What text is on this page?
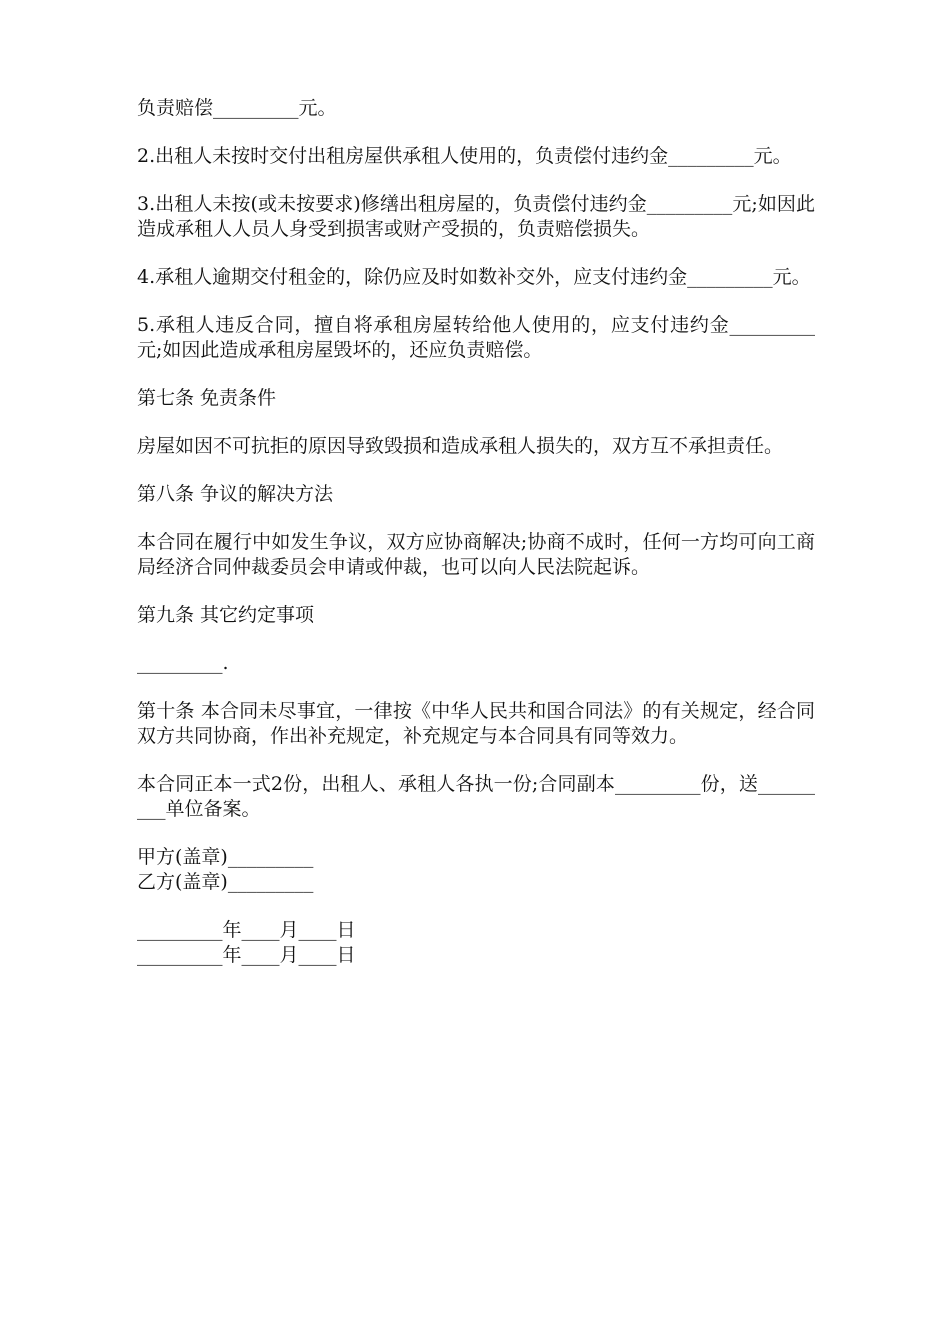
负责赔偿_________元。

2.出租人未按时交付出租房屋供承租人使用的，负责偿付违约金_________元。

3.出租人未按(或未按要求)修缮出租房屋的，负责偿付违约金_________元;如因此造成承租人人员人身受到损害或财产受损的，负责赔偿损失。

4.承租人逾期交付租金的，除仍应及时如数补交外，应支付违约金_________元。

5.承租人违反合同，擅自将承租房屋转给他人使用的，应支付违约金_________元;如因此造成承租房屋毁坏的，还应负责赔偿。

第七条 免责条件

房屋如因不可抗拒的原因导致毁损和造成承租人损失的，双方互不承担责任。

第八条 争议的解决方法

本合同在履行中如发生争议，双方应协商解决;协商不成时，任何一方均可向工商局经济合同仲裁委员会申请或仲裁，也可以向人民法院起诉。

第九条 其它约定事项

_________.

第十条 本合同未尽事宜，一律按《中华人民共和国合同法》的有关规定，经合同双方共同协商，作出补充规定，补充规定与本合同具有同等效力。

本合同正本一式2份，出租人、承租人各执一份;合同副本_________份，送_________单位备案。

甲方(盖章)_________

乙方(盖章)_________

_________年____月____日

_________年____月____日
